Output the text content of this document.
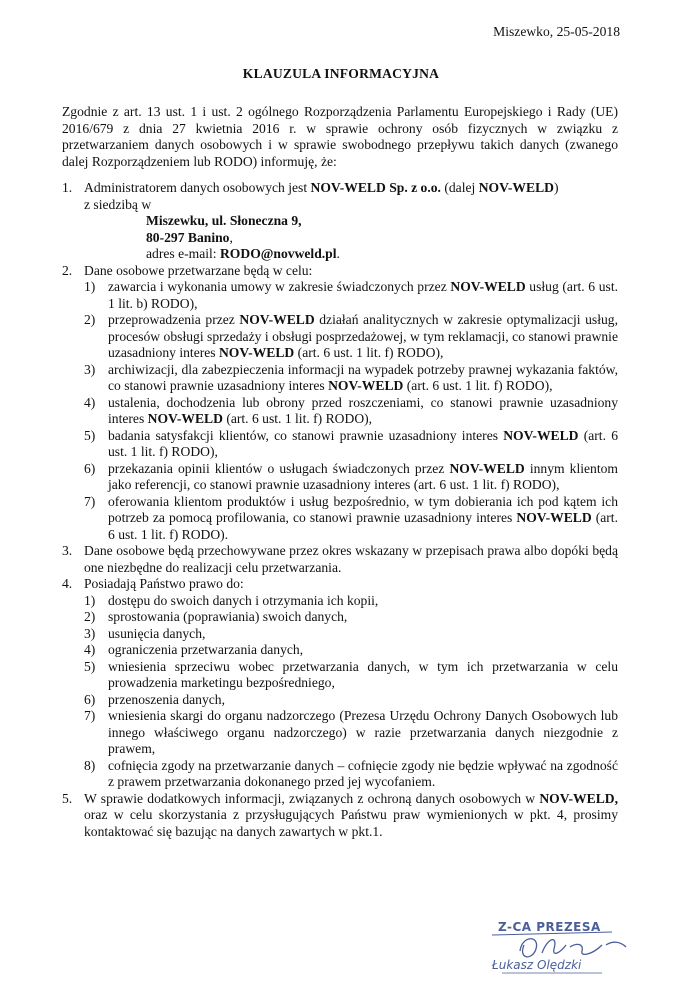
Miszewko, 25-05-2018
KLAUZULA INFORMACYJNA
Zgodnie z art. 13 ust. 1 i ust. 2 ogólnego Rozporządzenia Parlamentu Europejskiego i Rady (UE) 2016/679 z dnia 27 kwietnia 2016 r. w sprawie ochrony osób fizycznych w związku z przetwarzaniem danych osobowych i w sprawie swobodnego przepływu takich danych (zwanego dalej Rozporządzeniem lub RODO) informuję, że:
1. Administratorem danych osobowych jest NOV-WELD Sp. z o.o. (dalej NOV-WELD)
z siedzibą w
Miszewku, ul. Słoneczna 9,
80-297 Banino,
adres e-mail: RODO@novweld.pl.
2. Dane osobowe przetwarzane będą w celu:
1) zawarcia i wykonania umowy w zakresie świadczonych przez NOV-WELD usług (art. 6 ust. 1 lit. b) RODO),
2) przeprowadzenia przez NOV-WELD działań analitycznych w zakresie optymalizacji usług, procesów obsługi sprzedaży i obsługi posprzedażowej, w tym reklamacji, co stanowi prawnie uzasadniony interes NOV-WELD (art. 6 ust. 1 lit. f) RODO),
3) archiwizacji, dla zabezpieczenia informacji na wypadek potrzeby prawnej wykazania faktów, co stanowi prawnie uzasadniony interes NOV-WELD (art. 6 ust. 1 lit. f) RODO),
4) ustalenia, dochodzenia lub obrony przed roszczeniami, co stanowi prawnie uzasadniony interes NOV-WELD (art. 6 ust. 1 lit. f) RODO),
5) badania satysfakcji klientów, co stanowi prawnie uzasadniony interes NOV-WELD (art. 6 ust. 1 lit. f) RODO),
6) przekazania opinii klientów o usługach świadczonych przez NOV-WELD innym klientom jako referencji, co stanowi prawnie uzasadniony interes (art. 6 ust. 1 lit. f) RODO),
7) oferowania klientom produktów i usług bezpośrednio, w tym dobierania ich pod kątem ich potrzeb za pomocą profilowania, co stanowi prawnie uzasadniony interes NOV-WELD (art. 6 ust. 1 lit. f) RODO).
3. Dane osobowe będą przechowywane przez okres wskazany w przepisach prawa albo dopóki będą one niezbędne do realizacji celu przetwarzania.
4. Posiadają Państwo prawo do:
1) dostępu do swoich danych i otrzymania ich kopii,
2) sprostowania (poprawiania) swoich danych,
3) usunięcia danych,
4) ograniczenia przetwarzania danych,
5) wniesienia sprzeciwu wobec przetwarzania danych, w tym ich przetwarzania w celu prowadzenia marketingu bezpośredniego,
6) przenoszenia danych,
7) wniesienia skargi do organu nadzorczego (Prezesa Urzędu Ochrony Danych Osobowych lub innego właściwego organu nadzorczego) w razie przetwarzania danych niezgodnie z prawem,
8) cofnięcia zgody na przetwarzanie danych – cofnięcie zgody nie będzie wpływać na zgodność z prawem przetwarzania dokonanego przed jej wycofaniem.
5. W sprawie dodatkowych informacji, związanych z ochroną danych osobowych w NOV-WELD, oraz w celu skorzystania z przysługujących Państwu praw wymienionych w pkt. 4, prosimy kontaktować się bazując na danych zawartych w pkt.1.
Z-CA PREZESA
Łukasz Olędzki
